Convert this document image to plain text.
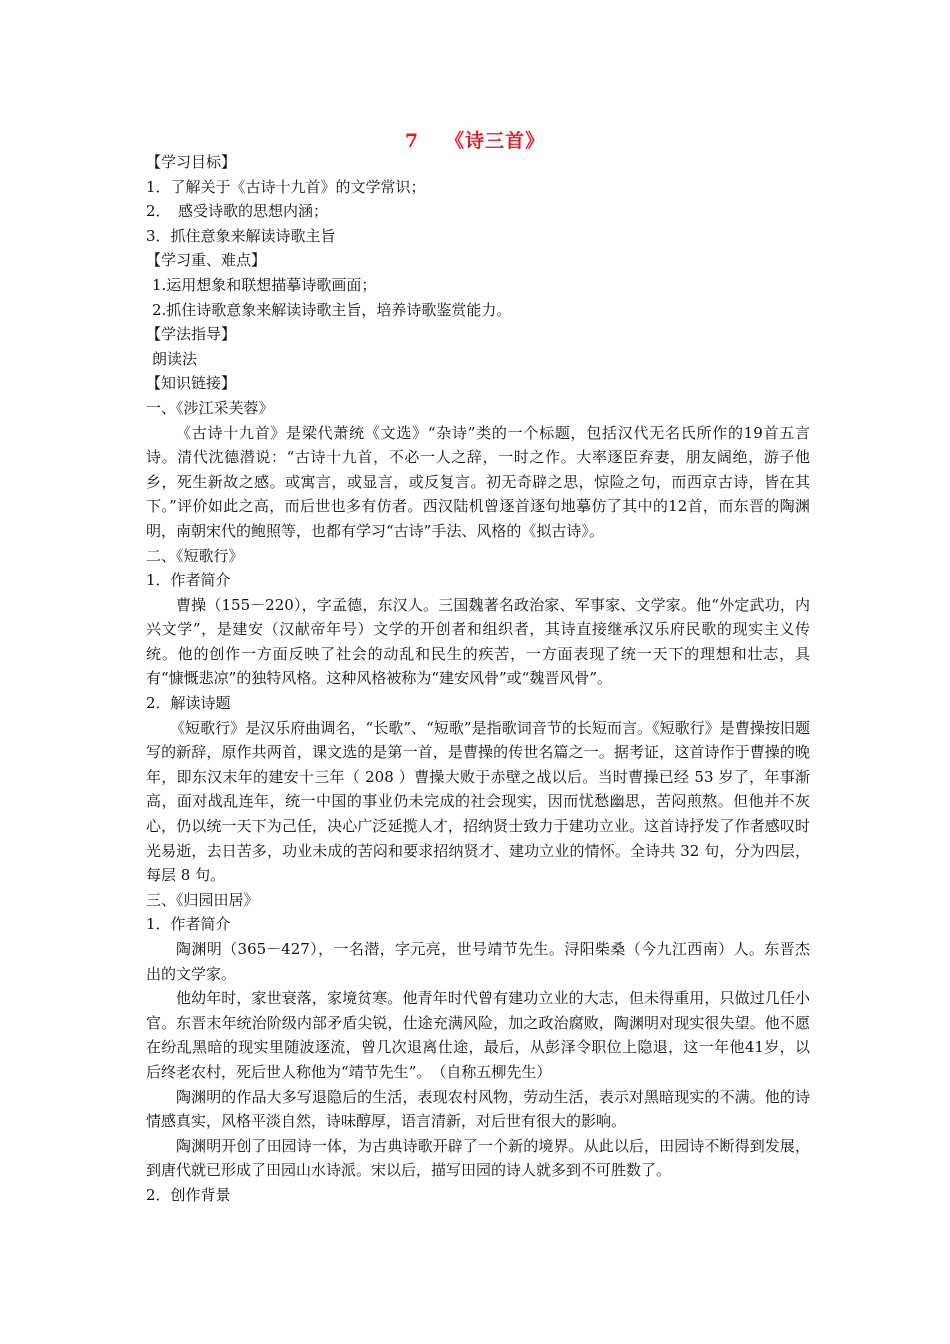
7 《诗三首》
【学习目标】
1．了解关于《古诗十九首》的文学常识；
2．　感受诗歌的思想内涵；
3．抓住意象来解读诗歌主旨
【学习重、难点】
1.运用想象和联想描摹诗歌画面；
2.抓住诗歌意象来解读诗歌主旨，培养诗歌鉴赏能力。
【学法指导】
朗读法
【知识链接】
一、《涉江采芙蓉》
《古诗十九首》是梁代萧统《文选》“杂诗”类的一个标题，包括汉代无名氏所作的19首五言诗。清代沈德潜说：“古诗十九首，不必一人之辞，一时之作。大率逐臣弃妻，朋友阔绝，游子他乡，死生新故之感。或寓言，或显言，或反复言。初无奇辟之思，惊险之句，而西京古诗，皆在其下。”评价如此之高，而后世也多有仿者。西汉陆机曾逐首逐句地摹仿了其中的12首，而东晋的陶渊明，南朝宋代的鲍照等，也都有学习“古诗”手法、风格的《拟古诗》。
二、《短歌行》
1．作者简介
曹操（155－220），字孟德，东汉人。三国魏著名政治家、军事家、文学家。他“外定武功，内兴文学”，是建安（汉献帝年号）文学的开创者和组织者，其诗直接继承汉乐府民歌的现实主义传统。他的创作一方面反映了社会的动乱和民生的疾苦，一方面表现了统一天下的理想和壮志，具有“慷慨悲凉”的独特风格。这种风格被称为“建安风骨”或“魏晋风骨”。
2．解读诗题
《短歌行》是汉乐府曲调名，“长歌”、“短歌”是指歌词音节的长短而言。《短歌行》是曹操按旧题写的新辞，原作共两首，课文选的是第一首，是曹操的传世名篇之一。据考证，这首诗作于曹操的晚年，即东汉末年的建安十三年（ 208 ）曹操大败于赤壁之战以后。当时曹操已经 53 岁了，年事渐高，面对战乱连年，统一中国的事业仍未完成的社会现实，因而忧愁幽思，苦闷煎熬。但他并不灰心，仍以统一天下为己任，决心广泛延揽人才，招纳贤士致力于建功立业。这首诗抒发了作者感叹时光易逝，去日苦多，功业未成的苦闷和要求招纳贤才、建功立业的情怀。全诗共 32 句，分为四层，每层 8 句。
三、《归园田居》
1．作者简介
陶渊明（365－427），一名潜，字元亮，世号靖节先生。浔阳柴桑（今九江西南）人。东晋杰出的文学家。
他幼年时，家世衰落，家境贫寒。他青年时代曾有建功立业的大志，但未得重用，只做过几任小官。东晋末年统治阶级内部矛盾尖锐，仕途充满风险，加之政治腐败，陶渊明对现实很失望。他不愿在纷乱黑暗的现实里随波逐流，曾几次退离仕途，最后，从彭泽令职位上隐退，这一年他41岁，以后终老农村，死后世人称他为“靖节先生”。　（自称五柳先生）
陶渊明的作品大多写退隐后的生活，表现农村风物，劳动生活，表示对黑暗现实的不满。他的诗情感真实，风格平淡自然，诗味醇厚，语言清新，对后世有很大的影响。
陶渊明开创了田园诗一体，为古典诗歌开辟了一个新的境界。从此以后，田园诗不断得到发展，到唐代就已形成了田园山水诗派。宋以后，描写田园的诗人就多到不可胜数了。
2．创作背景
